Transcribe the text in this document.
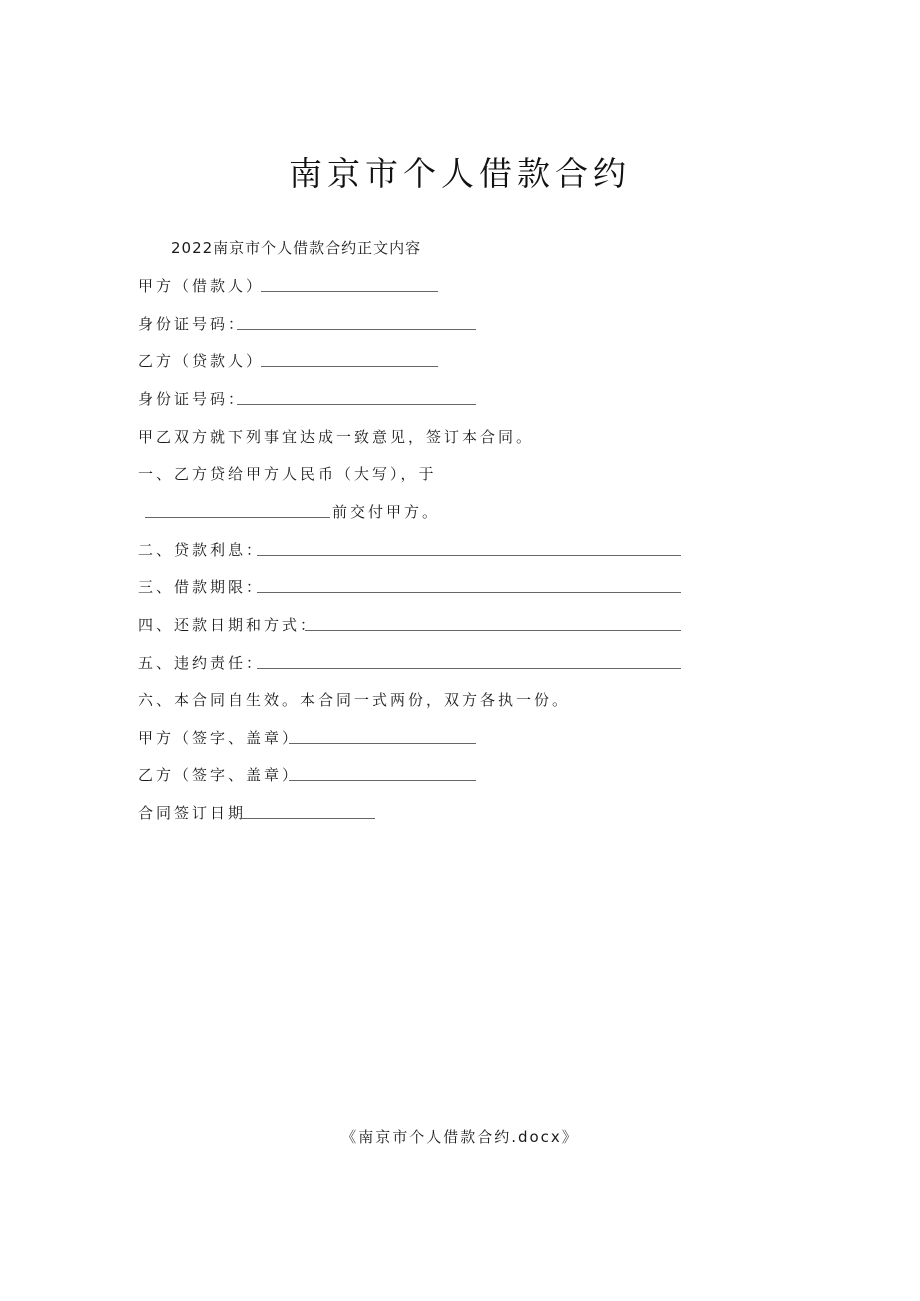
南京市个人借款合约
2022南京市个人借款合约正文内容
甲方（借款人）
身份证号码：
乙方（贷款人）
身份证号码：
甲乙双方就下列事宜达成一致意见，签订本合同。
一、乙方贷给甲方人民币（大写），于
前交付甲方。
二、贷款利息：
三、借款期限：
四、还款日期和方式：
五、违约责任：
六、本合同自生效。本合同一式两份，双方各执一份。
甲方（签字、盖章）
乙方（签字、盖章）
合同签订日期
《南京市个人借款合约.docx》
